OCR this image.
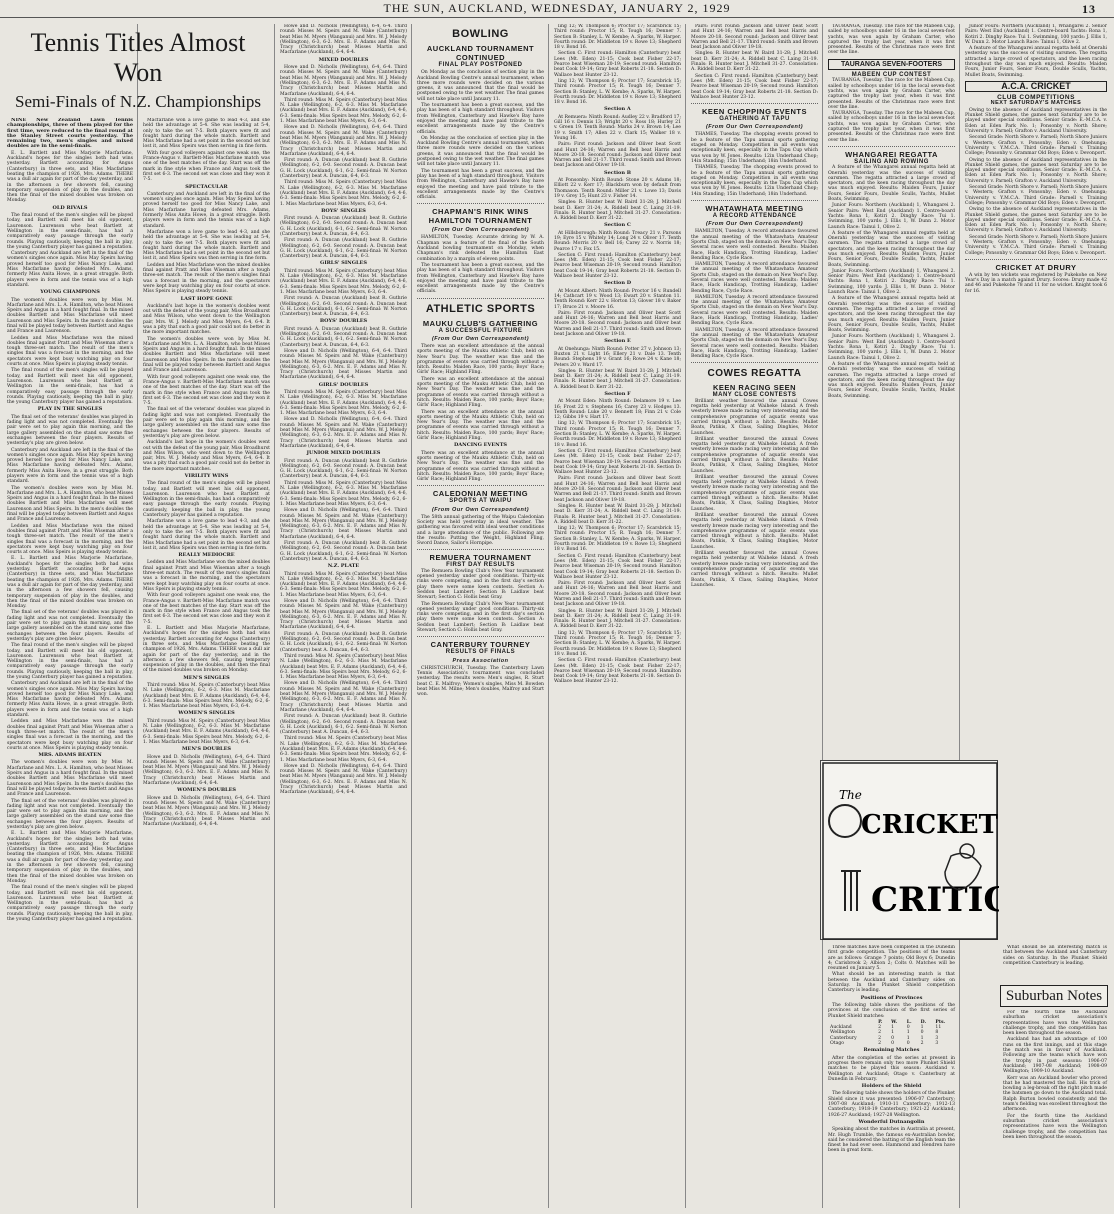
THE SUN, AUCKLAND, WEDNESDAY, JANUARY 2, 1929	13
Tennis Titles Almost Won
Semi-Finals of N.Z. Championships

NINE New Zealand Lawn Tennis championships, three of them played for the first time, were reduced to the final round at the Stanley Street courts yesterday. The remaining two, men's singles and mixed doubles are in the semi-finals.

E. L. Bartlett and Miss Marjorie Macfarlane, Auckland's hopes for the singles both had wins yesterday. Bartlett accounting for Angus (Canterbury) in three sets, and Miss Macfarlane beating the champion of 1926, Mrs. Adams. THERE was a dull air again for part of the day yesterday, and in the afternoon a few showers fell, causing temporary suspension of play in the doubles, and then the final of the mixed doubles was broken on Monday.

OLD RIVALS

The final round of the men's singles will be played today, and Bartlett will meet his old opponent, Laurenson. Laurenson who beat Bartlett at Wellington in the semi-finals, has had a comparatively easy passage through the early rounds. Playing cautiously, keeping the ball in play, the young Canterbury player has gained a reputation.

Canterbury and Auckland are left in the final of the women's singles once again. Miss May Speirs having proved herself too good for Miss Nancy Lake, and Miss Macfarlane having defeated Mrs. Adams, formerly Miss Anita Howe, in a great struggle. Both players were in form and the tennis was of a high standard.

YOUNG CHAMPIONS

The women's doubles were won by Miss M. Macfarlane and Mrs. L. A. Hamilton, who beat Misses Speirs and Angus in a hard fought final. In the mixed doubles Bartlett and Miss Macfarlane will meet Laurenson and Miss Speirs. In the men's doubles the final will be played today between Bartlett and Angus and France and Laurenson.

Ledden and Miss Macfarlane won the mixed doubles final against Pratt and Miss Wiseman after a tough three-set match. The result of the men's singles final was a forecast in the morning, and the spectators were kept busy watching play on four courts at once. Miss Speirs is playing steady tennis.

The final round of the men's singles will be played today, and Bartlett will meet his old opponent, Laurenson. Laurenson who beat Bartlett at Wellington in the semi-finals, has had a comparatively easy passage through the early rounds. Playing cautiously, keeping the ball in play, the young Canterbury player has gained a reputation.

PLAY IN THE SINGLES

The final set of the veterans' doubles was played in fading light and was not completed. Eventually the pair were set to play again this morning, and the large gallery assembled on the stand saw some fine exchanges between the four players. Results of yesterday's play are given below.

Canterbury and Auckland are left in the final of the women's singles once again. Miss May Speirs having proved herself too good for Miss Nancy Lake, and Miss Macfarlane having defeated Mrs. Adams, formerly Miss Anita Howe, in a great struggle. Both players were in form and the tennis was of a high standard.

The women's doubles were won by Miss M. Macfarlane and Mrs. L. A. Hamilton, who beat Misses Speirs and Angus in a hard fought final. In the mixed doubles Bartlett and Miss Macfarlane will meet Laurenson and Miss Speirs. In the men's doubles the final will be played today between Bartlett and Angus and France and Laurenson.

Ledden and Miss Macfarlane won the mixed doubles final against Pratt and Miss Wiseman after a tough three-set match. The result of the men's singles final was a forecast in the morning, and the spectators were kept busy watching play on four courts at once. Miss Speirs is playing steady tennis.

E. L. Bartlett and Miss Marjorie Macfarlane, Auckland's hopes for the singles both had wins yesterday. Bartlett accounting for Angus (Canterbury) in three sets, and Miss Macfarlane beating the champion of 1926, Mrs. Adams. THERE was a dull air again for part of the day yesterday, and in the afternoon a few showers fell, causing temporary suspension of play in the doubles, and then the final of the mixed doubles was broken on Monday.

The final set of the veterans' doubles was played in fading light and was not completed. Eventually the pair were set to play again this morning, and the large gallery assembled on the stand saw some fine exchanges between the four players. Results of yesterday's play are given below.

The final round of the men's singles will be played today, and Bartlett will meet his old opponent, Laurenson. Laurenson who beat Bartlett at Wellington in the semi-finals, has had a comparatively easy passage through the early rounds. Playing cautiously, keeping the ball in play, the young Canterbury player has gained a reputation.

Canterbury and Auckland are left in the final of the women's singles once again. Miss May Speirs having proved herself too good for Miss Nancy Lake, and Miss Macfarlane having defeated Mrs. Adams, formerly Miss Anita Howe, in a great struggle. Both players were in form and the tennis was of a high standard.

Ledden and Miss Macfarlane won the mixed doubles final against Pratt and Miss Wiseman after a tough three-set match. The result of the men's singles final was a forecast in the morning, and the spectators were kept busy watching play on four courts at once. Miss Speirs is playing steady tennis.

MRS. ADAMS BEATEN

The women's doubles were won by Miss M. Macfarlane and Mrs. L. A. Hamilton, who beat Misses Speirs and Angus in a hard fought final. In the mixed doubles Bartlett and Miss Macfarlane will meet Laurenson and Miss Speirs. In the men's doubles the final will be played today between Bartlett and Angus and France and Laurenson.

The final set of the veterans' doubles was played in fading light and was not completed. Eventually the pair were set to play again this morning, and the large gallery assembled on the stand saw some fine exchanges between the four players. Results of yesterday's play are given below.

E. L. Bartlett and Miss Marjorie Macfarlane, Auckland's hopes for the singles both had wins yesterday. Bartlett accounting for Angus (Canterbury) in three sets, and Miss Macfarlane beating the champion of 1926, Mrs. Adams. THERE was a dull air again for part of the day yesterday, and in the afternoon a few showers fell, causing temporary suspension of play in the doubles, and then the final of the mixed doubles was broken on Monday.

The final round of the men's singles will be played today, and Bartlett will meet his old opponent, Laurenson. Laurenson who beat Bartlett at Wellington in the semi-finals, has had a comparatively easy passage through the early rounds. Playing cautiously, keeping the ball in play, the young Canterbury player has gained a reputation.

Macfarlane won a love game to lead 4-3, and she held the advantage at 5-4. She was leading at 5-4, only to take the set 7-5. Both players were fit and fought hard during the whole match. Bartlett and Miss Macfarlane had a set point in the second set but lost it, and Miss Speirs was then serving in fine form.

With four good volleyers against one weak one, the France-Angus v. Bartlett-Miss Macfarlane match was one of the best matches of the day. Start was off the mark in fine style when France and Angus took the first set 6-3. The second set was close and they won it 7-5.

SPECTACULAR

Canterbury and Auckland are left in the final of the women's singles once again. Miss May Speirs having proved herself too good for Miss Nancy Lake, and Miss Macfarlane having defeated Mrs. Adams, formerly Miss Anita Howe, in a great struggle. Both players were in form and the tennis was of a high standard.

Macfarlane won a love game to lead 4-3, and she held the advantage at 5-4. She was leading at 5-4, only to take the set 7-5. Both players were fit and fought hard during the whole match. Bartlett and Miss Macfarlane had a set point in the second set but lost it, and Miss Speirs was then serving in fine form.

Ledden and Miss Macfarlane won the mixed doubles final against Pratt and Miss Wiseman after a tough three-set match. The result of the men's singles final was a forecast in the morning, and the spectators were kept busy watching play on four courts at once. Miss Speirs is playing steady tennis.

LAST HOPE GONE

Auckland's last hope in the women's doubles went out with the defeat of the young pair, Miss Broadhurst and Miss Wilson, who went down to the Wellington pair, Mrs. W. J. Melody and Miss Myers, 6-4, 6-4. It was a pity that such a good pair could not do better in the more important matches.

The women's doubles were won by Miss M. Macfarlane and Mrs. L. A. Hamilton, who beat Misses Speirs and Angus in a hard fought final. In the mixed doubles Bartlett and Miss Macfarlane will meet Laurenson and Miss Speirs. In the men's doubles the final will be played today between Bartlett and Angus and France and Laurenson.

With four good volleyers against one weak one, the France-Angus v. Bartlett-Miss Macfarlane match was one of the best matches of the day. Start was off the mark in fine style when France and Angus took the first set 6-3. The second set was close and they won it 7-5.

The final set of the veterans' doubles was played in fading light and was not completed. Eventually the pair were set to play again this morning, and the large gallery assembled on the stand saw some fine exchanges between the four players. Results of yesterday's play are given below.

Auckland's last hope in the women's doubles went out with the defeat of the young pair, Miss Broadhurst and Miss Wilson, who went down to the Wellington pair, Mrs. W. J. Melody and Miss Myers, 6-4, 6-4. It was a pity that such a good pair could not do better in the more important matches.

VIRILITY WINS

The final round of the men's singles will be played today, and Bartlett will meet his old opponent, Laurenson. Laurenson who beat Bartlett at Wellington in the semi-finals, has had a comparatively easy passage through the early rounds. Playing cautiously, keeping the ball in play, the young Canterbury player has gained a reputation.

Macfarlane won a love game to lead 4-3, and she held the advantage at 5-4. She was leading at 5-4, only to take the set 7-5. Both players were fit and fought hard during the whole match. Bartlett and Miss Macfarlane had a set point in the second set but lost it, and Miss Speirs was then serving in fine form.

REALLY MEDIOCRE

Ledden and Miss Macfarlane won the mixed doubles final against Pratt and Miss Wiseman after a tough three-set match. The result of the men's singles final was a forecast in the morning, and the spectators were kept busy watching play on four courts at once. Miss Speirs is playing steady tennis.

With four good volleyers against one weak one, the France-Angus v. Bartlett-Miss Macfarlane match was one of the best matches of the day. Start was off the mark in fine style when France and Angus took the first set 6-3. The second set was close and they won it 7-5.

E. L. Bartlett and Miss Marjorie Macfarlane, Auckland's hopes for the singles both had wins yesterday. Bartlett accounting for Angus (Canterbury) in three sets, and Miss Macfarlane beating the champion of 1926, Mrs. Adams. THERE was a dull air again for part of the day yesterday, and in the afternoon a few showers fell, causing temporary suspension of play in the doubles, and then the final of the mixed doubles was broken on Monday.

MEN'S SINGLES

Third round: Miss M. Speirs (Canterbury) beat Miss N. Lake (Wellington), 6-2, 6-3. Miss M. Macfarlane (Auckland) beat Mrs. E. F. Adams (Auckland), 6-4, 4-6, 6-3. Semi-finals: Miss Speirs beat Mrs. Melody, 6-2, 6-1. Miss Macfarlane beat Miss Myers, 6-3, 6-4.

WOMEN'S SINGLES

Third round: Miss M. Speirs (Canterbury) beat Miss N. Lake (Wellington), 6-2, 6-3. Miss M. Macfarlane (Auckland) beat Mrs. E. F. Adams (Auckland), 6-4, 4-6, 6-3. Semi-finals: Miss Speirs beat Mrs. Melody, 6-2, 6-1. Miss Macfarlane beat Miss Myers, 6-3, 6-4.

MEN'S DOUBLES

Howe and D. Nicholls (Wellington), 6-4, 6-4. Third round: Misses M. Speirs and M. Wake (Canterbury) beat Miss M. Myers (Wanganui) and Mrs. W. J. Melody (Wellington), 6-3, 6-2. Mrs. E. F. Adams and Miss N. Tracy (Christchurch) beat Misses Martin and Macfarlane (Auckland), 6-4, 6-4.

WOMEN'S DOUBLES

Howe and D. Nicholls (Wellington), 6-4, 6-4. Third round: Misses M. Speirs and M. Wake (Canterbury) beat Miss M. Myers (Wanganui) and Mrs. W. J. Melody (Wellington), 6-3, 6-2. Mrs. E. F. Adams and Miss N. Tracy (Christchurch) beat Misses Martin and Macfarlane (Auckland), 6-4, 6-4.

Howe and D. Nicholls (Wellington), 6-4, 6-4. Third round: Misses M. Speirs and M. Wake (Canterbury) beat Miss M. Myers (Wanganui) and Mrs. W. J. Melody (Wellington), 6-3, 6-2. Mrs. E. F. Adams and Miss N. Tracy (Christchurch) beat Misses Martin and Macfarlane (Auckland), 6-4, 6-4.

MIXED DOUBLES

Howe and D. Nicholls (Wellington), 6-4, 6-4. Third round: Misses M. Speirs and M. Wake (Canterbury) beat Miss M. Myers (Wanganui) and Mrs. W. J. Melody (Wellington), 6-3, 6-2. Mrs. E. F. Adams and Miss N. Tracy (Christchurch) beat Misses Martin and Macfarlane (Auckland), 6-4, 6-4.

Third round: Miss M. Speirs (Canterbury) beat Miss N. Lake (Wellington), 6-2, 6-3. Miss M. Macfarlane (Auckland) beat Mrs. E. F. Adams (Auckland), 6-4, 4-6, 6-3. Semi-finals: Miss Speirs beat Mrs. Melody, 6-2, 6-1. Miss Macfarlane beat Miss Myers, 6-3, 6-4.

Howe and D. Nicholls (Wellington), 6-4, 6-4. Third round: Misses M. Speirs and M. Wake (Canterbury) beat Miss M. Myers (Wanganui) and Mrs. W. J. Melody (Wellington), 6-3, 6-2. Mrs. E. F. Adams and Miss N. Tracy (Christchurch) beat Misses Martin and Macfarlane (Auckland), 6-4, 6-4.

First round: A. Duncan (Auckland) beat R. Guthrie (Wellington), 6-2, 6-0. Second round: A. Duncan beat G. H. Lock (Auckland), 6-1, 6-2. Semi-final: W. Norton (Canterbury) beat A. Duncan, 6-4, 6-3.

Third round: Miss M. Speirs (Canterbury) beat Miss N. Lake (Wellington), 6-2, 6-3. Miss M. Macfarlane (Auckland) beat Mrs. E. F. Adams (Auckland), 6-4, 4-6, 6-3. Semi-finals: Miss Speirs beat Mrs. Melody, 6-2, 6-1. Miss Macfarlane beat Miss Myers, 6-3, 6-4.

BOYS' SINGLES

First round: A. Duncan (Auckland) beat R. Guthrie (Wellington), 6-2, 6-0. Second round: A. Duncan beat G. H. Lock (Auckland), 6-1, 6-2. Semi-final: W. Norton (Canterbury) beat A. Duncan, 6-4, 6-3.

First round: A. Duncan (Auckland) beat R. Guthrie (Wellington), 6-2, 6-0. Second round: A. Duncan beat G. H. Lock (Auckland), 6-1, 6-2. Semi-final: W. Norton (Canterbury) beat A. Duncan, 6-4, 6-3.

GIRLS' SINGLES

Third round: Miss M. Speirs (Canterbury) beat Miss N. Lake (Wellington), 6-2, 6-3. Miss M. Macfarlane (Auckland) beat Mrs. E. F. Adams (Auckland), 6-4, 4-6, 6-3. Semi-finals: Miss Speirs beat Mrs. Melody, 6-2, 6-1. Miss Macfarlane beat Miss Myers, 6-3, 6-4.

First round: A. Duncan (Auckland) beat R. Guthrie (Wellington), 6-2, 6-0. Second round: A. Duncan beat G. H. Lock (Auckland), 6-1, 6-2. Semi-final: W. Norton (Canterbury) beat A. Duncan, 6-4, 6-3.

BOYS' DOUBLES

First round: A. Duncan (Auckland) beat R. Guthrie (Wellington), 6-2, 6-0. Second round: A. Duncan beat G. H. Lock (Auckland), 6-1, 6-2. Semi-final: W. Norton (Canterbury) beat A. Duncan, 6-4, 6-3.

Howe and D. Nicholls (Wellington), 6-4, 6-4. Third round: Misses M. Speirs and M. Wake (Canterbury) beat Miss M. Myers (Wanganui) and Mrs. W. J. Melody (Wellington), 6-3, 6-2. Mrs. E. F. Adams and Miss N. Tracy (Christchurch) beat Misses Martin and Macfarlane (Auckland), 6-4, 6-4.

GIRLS' DOUBLES

Third round: Miss M. Speirs (Canterbury) beat Miss N. Lake (Wellington), 6-2, 6-3. Miss M. Macfarlane (Auckland) beat Mrs. E. F. Adams (Auckland), 6-4, 4-6, 6-3. Semi-finals: Miss Speirs beat Mrs. Melody, 6-2, 6-1. Miss Macfarlane beat Miss Myers, 6-3, 6-4.

Howe and D. Nicholls (Wellington), 6-4, 6-4. Third round: Misses M. Speirs and M. Wake (Canterbury) beat Miss M. Myers (Wanganui) and Mrs. W. J. Melody (Wellington), 6-3, 6-2. Mrs. E. F. Adams and Miss N. Tracy (Christchurch) beat Misses Martin and Macfarlane (Auckland), 6-4, 6-4.

JUNIOR MIXED DOUBLES

First round: A. Duncan (Auckland) beat R. Guthrie (Wellington), 6-2, 6-0. Second round: A. Duncan beat G. H. Lock (Auckland), 6-1, 6-2. Semi-final: W. Norton (Canterbury) beat A. Duncan, 6-4, 6-3.

Third round: Miss M. Speirs (Canterbury) beat Miss N. Lake (Wellington), 6-2, 6-3. Miss M. Macfarlane (Auckland) beat Mrs. E. F. Adams (Auckland), 6-4, 4-6, 6-3. Semi-finals: Miss Speirs beat Mrs. Melody, 6-2, 6-1. Miss Macfarlane beat Miss Myers, 6-3, 6-4.

Howe and D. Nicholls (Wellington), 6-4, 6-4. Third round: Misses M. Speirs and M. Wake (Canterbury) beat Miss M. Myers (Wanganui) and Mrs. W. J. Melody (Wellington), 6-3, 6-2. Mrs. E. F. Adams and Miss N. Tracy (Christchurch) beat Misses Martin and Macfarlane (Auckland), 6-4, 6-4.

First round: A. Duncan (Auckland) beat R. Guthrie (Wellington), 6-2, 6-0. Second round: A. Duncan beat G. H. Lock (Auckland), 6-1, 6-2. Semi-final: W. Norton (Canterbury) beat A. Duncan, 6-4, 6-3.

N.Z. PLATE

Third round: Miss M. Speirs (Canterbury) beat Miss N. Lake (Wellington), 6-2, 6-3. Miss M. Macfarlane (Auckland) beat Mrs. E. F. Adams (Auckland), 6-4, 4-6, 6-3. Semi-finals: Miss Speirs beat Mrs. Melody, 6-2, 6-1. Miss Macfarlane beat Miss Myers, 6-3, 6-4.

Howe and D. Nicholls (Wellington), 6-4, 6-4. Third round: Misses M. Speirs and M. Wake (Canterbury) beat Miss M. Myers (Wanganui) and Mrs. W. J. Melody (Wellington), 6-3, 6-2. Mrs. E. F. Adams and Miss N. Tracy (Christchurch) beat Misses Martin and Macfarlane (Auckland), 6-4, 6-4.

First round: A. Duncan (Auckland) beat R. Guthrie (Wellington), 6-2, 6-0. Second round: A. Duncan beat G. H. Lock (Auckland), 6-1, 6-2. Semi-final: W. Norton (Canterbury) beat A. Duncan, 6-4, 6-3.

Third round: Miss M. Speirs (Canterbury) beat Miss N. Lake (Wellington), 6-2, 6-3. Miss M. Macfarlane (Auckland) beat Mrs. E. F. Adams (Auckland), 6-4, 4-6, 6-3. Semi-finals: Miss Speirs beat Mrs. Melody, 6-2, 6-1. Miss Macfarlane beat Miss Myers, 6-3, 6-4.

Howe and D. Nicholls (Wellington), 6-4, 6-4. Third round: Misses M. Speirs and M. Wake (Canterbury) beat Miss M. Myers (Wanganui) and Mrs. W. J. Melody (Wellington), 6-3, 6-2. Mrs. E. F. Adams and Miss N. Tracy (Christchurch) beat Misses Martin and Macfarlane (Auckland), 6-4, 6-4.

First round: A. Duncan (Auckland) beat R. Guthrie (Wellington), 6-2, 6-0. Second round: A. Duncan beat G. H. Lock (Auckland), 6-1, 6-2. Semi-final: W. Norton (Canterbury) beat A. Duncan, 6-4, 6-3.

Third round: Miss M. Speirs (Canterbury) beat Miss N. Lake (Wellington), 6-2, 6-3. Miss M. Macfarlane (Auckland) beat Mrs. E. F. Adams (Auckland), 6-4, 4-6, 6-3. Semi-finals: Miss Speirs beat Mrs. Melody, 6-2, 6-1. Miss Macfarlane beat Miss Myers, 6-3, 6-4.

Howe and D. Nicholls (Wellington), 6-4, 6-4. Third round: Misses M. Speirs and M. Wake (Canterbury) beat Miss M. Myers (Wanganui) and Mrs. W. J. Melody (Wellington), 6-3, 6-2. Mrs. E. F. Adams and Miss N. Tracy (Christchurch) beat Misses Martin and Macfarlane (Auckland), 6-4, 6-4.

BOWLING
AUCKLAND TOURNAMENT CONTINUED
FINAL PLAY POSTPONED

On Monday as the conclusion of section play in the Auckland Bowling Centre's annual tournament, when three more rounds were decided on the various greens, it was announced that the final would be postponed owing to the wet weather. The final games will not take place until January 11.

The tournament has been a great success, and the play has been of a high standard throughout. Visitors from Wellington, Canterbury and Hawke's Bay have enjoyed the meeting and have paid tribute to the excellent arrangements made by the Centre's officials.

On Monday as the conclusion of section play in the Auckland Bowling Centre's annual tournament, when three more rounds were decided on the various greens, it was announced that the final would be postponed owing to the wet weather. The final games will not take place until January 11.

The tournament has been a great success, and the play has been of a high standard throughout. Visitors from Wellington, Canterbury and Hawke's Bay have enjoyed the meeting and have paid tribute to the excellent arrangements made by the Centre's officials.

CHAPMAN'S RINK WINS HAMILTON TOURNAMENT
(From Our Own Correspondent)

HAMILTON, Tuesday. Accurate driving by W. A. Chapman was a feature of the final of the South Auckland bowling tournament on Monday, when Chapman's rink defeated the Hamilton East combination by a margin of eleven points.

The tournament has been a great success, and the play has been of a high standard throughout. Visitors from Wellington, Canterbury and Hawke's Bay have enjoyed the meeting and have paid tribute to the excellent arrangements made by the Centre's officials.

ATHLETIC SPORTS
MAUKU CLUB'S GATHERING
A SUCCESSFUL FIXTURE
(From Our Own Correspondent)

There was an excellent attendance at the annual sports meeting of the Mauku Athletic Club, held on New Year's Day. The weather was fine and the programme of events was carried through without a hitch. Results: Maiden Race, 100 yards; Boys' Race; Girls' Race; Highland Fling.

There was an excellent attendance at the annual sports meeting of the Mauku Athletic Club, held on New Year's Day. The weather was fine and the programme of events was carried through without a hitch. Results: Maiden Race, 100 yards; Boys' Race; Girls' Race; Highland Fling.

There was an excellent attendance at the annual sports meeting of the Mauku Athletic Club, held on New Year's Day. The weather was fine and the programme of events was carried through without a hitch. Results: Maiden Race, 100 yards; Boys' Race; Girls' Race; Highland Fling.

DANCING EVENTS

There was an excellent attendance at the annual sports meeting of the Mauku Athletic Club, held on New Year's Day. The weather was fine and the programme of events was carried through without a hitch. Results: Maiden Race, 100 yards; Boys' Race; Girls' Race; Highland Fling.

CALEDONIAN MEETING
SPORTS AT WAIPU
(From Our Own Correspondent)

The 58th annual gathering of the Waipu Caledonian Society was held yesterday in ideal weather. The gathering was favoured with ideal weather conditions and a large attendance of the public. Following are the results: Putting the Weight, Highland Fling, Sword Dance, Sailor's Hornpipe.

REMUERA TOURNAMENT
FIRST DAY RESULTS

The Remuera Bowling Club's New Year tournament opened yesterday under good conditions. Thirty-six rinks were competing, and in the first day's section play there were some keen contests. Section A: Seddon beat Lambert; Section B: Laidlaw beat Stewart; Section C: Hollis beat Gray.

The Remuera Bowling Club's New Year tournament opened yesterday under good conditions. Thirty-six rinks were competing, and in the first day's section play there were some keen contests. Section A: Seddon beat Lambert; Section B: Laidlaw beat Stewart; Section C: Hollis beat Gray.

CANTERBURY TOURNEY
RESULTS OF FINALS
Press Association

CHRISTCHURCH, Tuesday. The Canterbury Lawn Tennis Association's tournament was concluded yesterday. The results were: Men's singles, R. Sturt beat C. E. Malfroy; Women's singles, Miss M. Bowden beat Miss M. Milne; Men's doubles, Malfroy and Sturt won.

ling 12; W. Thompson 6; Proctor 17; Scarsbrick 15; Third round: Proctor 15; R. Tough 16; Denner 7. Section B: Stanley, L. W. Kembe; A. Sparks, W. Harper. Fourth round: Dr. Middleton 19 v. Rowe 13; Shepherd 18 v. Bond 16.

Section C: First round: Hamilton (Canterbury) beat Lees (Mt. Eden) 21-15; Cook beat Fisher 22-17; Pearce beat Wiseman 20-19; Second round: Hamilton beat Cook 19-14; Gray beat Roberts 21-18. Section D: Wallace beat Hunter 23-12.

ling 12; W. Thompson 6; Proctor 17; Scarsbrick 15; Third round: Proctor 15; R. Tough 16; Denner 7. Section B: Stanley, L. W. Kembe; A. Sparks, W. Harper. Fourth round: Dr. Middleton 19 v. Rowe 13; Shepherd 18 v. Bond 16.

Section A

At Remuera: Ninth Round: Audley 22 v. Bradford 17; Gill 16 v. Dennis 13; Wright 20 v. Ross 18; Hurley 21 v. Green 19. Tenth Round: Marks 24 v. Brown 14; Lee 19 v. Smith 17; Allen 22 v. Clark 15; Walker 18 v. Young 16.

Pairs: First round: Jackson and Oliver beat Scott and Hunt 24-16; Warren and Bell beat Harris and Moore 20-18. Second round: Jackson and Oliver beat Warren and Bell 21-17. Third round: Smith and Brown beat Jackson and Oliver 19-18.

Section B

At Ponsonby: Ninth Round: Stone 20 v. Adams 18; Elliott 22 v. Kerr 17; Blackburn won by default from Thomason. Tenth Round: Miller 21 v. Lowe 13; Davis 19 v. Grey 15; Hunt 23 v. Fisher 14.

Singles: R. Hunter beat W. Baird 31-28; J. Mitchell beat D. Kerr 31-24; A. Riddell beat C. Laing 31-19. Finals: R. Hunter beat J. Mitchell 31-27. Consolation: A. Riddell beat D. Kerr 31-22.

Section C

At Hillsborough: Ninth Round: Treacy 21 v. Parsons 19; Eyre 15 v. Whitely 14; Long 24 v. Oliver 17. Tenth Round: Morris 20 v. Bell 16; Carey 22 v. Norris 18; Pearce 17 v. Fox 15.

Section C: First round: Hamilton (Canterbury) beat Lees (Mt. Eden) 21-15; Cook beat Fisher 22-17; Pearce beat Wiseman 20-19; Second round: Hamilton beat Cook 19-14; Gray beat Roberts 21-18. Section D: Wallace beat Hunter 23-12.

Section D

At Mount Albert: Ninth Round: Proctor 16 v. Rundell 14; Cathcart 19 v. Wood 13; Ewart 20 v. Stanton 11. Tenth Round: Kerr 22 v. Horton 13; Glover 18 v. Baker 17; Bruce 21 v. Moore 16.

Pairs: First round: Jackson and Oliver beat Scott and Hunt 24-16; Warren and Bell beat Harris and Moore 20-18. Second round: Jackson and Oliver beat Warren and Bell 21-17. Third round: Smith and Brown beat Jackson and Oliver 19-18.

Section E

At Onehunga: Ninth Round: Potter 27 v. Johnson 13; Buxton 21 v. Light 16; Ellery 21 v. Dale 13. Tenth Round: Stephens 19 v. Grant 16; Rowe 24 v. Kane 18; Peters 20 v. Ward 17.

Singles: R. Hunter beat W. Baird 31-28; J. Mitchell beat D. Kerr 31-24; A. Riddell beat C. Laing 31-19. Finals: R. Hunter beat J. Mitchell 31-27. Consolation: A. Riddell beat D. Kerr 31-22.

Section F

At Mount Eden: Ninth Round: Delamore 19 v. Lee 16; Frost 22 v. Stephens 16; Carey 23 v. Hodges 13. Tenth Round: Luke 20 v. Bennett 18; Finn 21 v. Cole 12; Gibbs 19 v. Hart 17.

ling 12; W. Thompson 6; Proctor 17; Scarsbrick 15; Third round: Proctor 15; R. Tough 16; Denner 7. Section B: Stanley, L. W. Kembe; A. Sparks, W. Harper. Fourth round: Dr. Middleton 19 v. Rowe 13; Shepherd 18 v. Bond 16.

Section C: First round: Hamilton (Canterbury) beat Lees (Mt. Eden) 21-15; Cook beat Fisher 22-17; Pearce beat Wiseman 20-19; Second round: Hamilton beat Cook 19-14; Gray beat Roberts 21-18. Section D: Wallace beat Hunter 23-12.

Pairs: First round: Jackson and Oliver beat Scott and Hunt 24-16; Warren and Bell beat Harris and Moore 20-18. Second round: Jackson and Oliver beat Warren and Bell 21-17. Third round: Smith and Brown beat Jackson and Oliver 19-18.

Singles: R. Hunter beat W. Baird 31-28; J. Mitchell beat D. Kerr 31-24; A. Riddell beat C. Laing 31-19. Finals: R. Hunter beat J. Mitchell 31-27. Consolation: A. Riddell beat D. Kerr 31-22.

ling 12; W. Thompson 6; Proctor 17; Scarsbrick 15; Third round: Proctor 15; R. Tough 16; Denner 7. Section B: Stanley, L. W. Kembe; A. Sparks, W. Harper. Fourth round: Dr. Middleton 19 v. Rowe 13; Shepherd 18 v. Bond 16.

Section C: First round: Hamilton (Canterbury) beat Lees (Mt. Eden) 21-15; Cook beat Fisher 22-17; Pearce beat Wiseman 20-19; Second round: Hamilton beat Cook 19-14; Gray beat Roberts 21-18. Section D: Wallace beat Hunter 23-12.

Pairs: First round: Jackson and Oliver beat Scott and Hunt 24-16; Warren and Bell beat Harris and Moore 20-18. Second round: Jackson and Oliver beat Warren and Bell 21-17. Third round: Smith and Brown beat Jackson and Oliver 19-18.

Singles: R. Hunter beat W. Baird 31-28; J. Mitchell beat D. Kerr 31-24; A. Riddell beat C. Laing 31-19. Finals: R. Hunter beat J. Mitchell 31-27. Consolation: A. Riddell beat D. Kerr 31-22.

ling 12; W. Thompson 6; Proctor 17; Scarsbrick 15; Third round: Proctor 15; R. Tough 16; Denner 7. Section B: Stanley, L. W. Kembe; A. Sparks, W. Harper. Fourth round: Dr. Middleton 19 v. Rowe 13; Shepherd 18 v. Bond 16.

Section C: First round: Hamilton (Canterbury) beat Lees (Mt. Eden) 21-15; Cook beat Fisher 22-17; Pearce beat Wiseman 20-19; Second round: Hamilton beat Cook 19-14; Gray beat Roberts 21-18. Section D: Wallace beat Hunter 23-12.

Pairs: First round: Jackson and Oliver beat Scott and Hunt 24-16; Warren and Bell beat Harris and Moore 20-18. Second round: Jackson and Oliver beat Warren and Bell 21-17. Third round: Smith and Brown beat Jackson and Oliver 19-18.

Singles: R. Hunter beat W. Baird 31-28; J. Mitchell beat D. Kerr 31-24; A. Riddell beat C. Laing 31-19. Finals: R. Hunter beat J. Mitchell 31-27. Consolation: A. Riddell beat D. Kerr 31-22.

Section C: First round: Hamilton (Canterbury) beat Lees (Mt. Eden) 21-15; Cook beat Fisher 22-17; Pearce beat Wiseman 20-19; Second round: Hamilton beat Cook 19-14; Gray beat Roberts 21-18. Section D: Wallace beat Hunter 23-12.

KEEN CHOPPING EVENTS
GATHERING AT TAPU
(From Our Own Correspondent)

THAMES, Tuesday. The chopping events proved to be a feature of the Tapu annual sports gathering staged on Monday. Competition in all events was exceptionally keen, especially in the Tapu Cup which was won by W. Jones. Results: 12in Underhand Chop; 14in Standing; 15in Underhand; 18in Underhand.

THAMES, Tuesday. The chopping events proved to be a feature of the Tapu annual sports gathering staged on Monday. Competition in all events was exceptionally keen, especially in the Tapu Cup which was won by W. Jones. Results: 12in Underhand Chop; 14in Standing; 15in Underhand; 18in Underhand.

WHATAWHATA MEETING
A RECORD ATTENDANCE
(From Our Own Correspondent)

HAMILTON, Tuesday. A record attendance favoured the annual meeting of the Whatawhata Amateur Sports Club, staged on the domain on New Year's Day. Several races were well contested. Results: Maiden Race, Hack Handicap, Trotting Handicap, Ladies' Bending Race, Cycle Race.

HAMILTON, Tuesday. A record attendance favoured the annual meeting of the Whatawhata Amateur Sports Club, staged on the domain on New Year's Day. Several races were well contested. Results: Maiden Race, Hack Handicap, Trotting Handicap, Ladies' Bending Race, Cycle Race.

HAMILTON, Tuesday. A record attendance favoured the annual meeting of the Whatawhata Amateur Sports Club, staged on the domain on New Year's Day. Several races were well contested. Results: Maiden Race, Hack Handicap, Trotting Handicap, Ladies' Bending Race, Cycle Race.

HAMILTON, Tuesday. A record attendance favoured the annual meeting of the Whatawhata Amateur Sports Club, staged on the domain on New Year's Day. Several races were well contested. Results: Maiden Race, Hack Handicap, Trotting Handicap, Ladies' Bending Race, Cycle Race.

COWES REGATTA
KEEN RACING SEEN
MANY CLOSE CONTESTS

Brilliant weather favoured the annual Cowes regatta held yesterday at Waiheke Island. A fresh westerly breeze made racing very interesting and the comprehensive programme of aquatic events was carried through without a hitch. Results: Mullet Boats, Patikis, X Class, Sailing Dinghies, Motor Launches.

Brilliant weather favoured the annual Cowes regatta held yesterday at Waiheke Island. A fresh westerly breeze made racing very interesting and the comprehensive programme of aquatic events was carried through without a hitch. Results: Mullet Boats, Patikis, X Class, Sailing Dinghies, Motor Launches.

Brilliant weather favoured the annual Cowes regatta held yesterday at Waiheke Island. A fresh westerly breeze made racing very interesting and the comprehensive programme of aquatic events was carried through without a hitch. Results: Mullet Boats, Patikis, X Class, Sailing Dinghies, Motor Launches.

Brilliant weather favoured the annual Cowes regatta held yesterday at Waiheke Island. A fresh westerly breeze made racing very interesting and the comprehensive programme of aquatic events was carried through without a hitch. Results: Mullet Boats, Patikis, X Class, Sailing Dinghies, Motor Launches.

Brilliant weather favoured the annual Cowes regatta held yesterday at Waiheke Island. A fresh westerly breeze made racing very interesting and the comprehensive programme of aquatic events was carried through without a hitch. Results: Mullet Boats, Patikis, X Class, Sailing Dinghies, Motor Launches.

TAURANGA, Tuesday. The race for the Mabeen Cup, sailed by schoolboys under 16 in the local seven-foot yachts, was won again by Graham Carter, who captured the trophy last year, when it was first presented. Results of the Christmas race were first over the line.

TAURANGA SEVEN-FOOTERS
MABEEN CUP CONTEST

TAURANGA, Tuesday. The race for the Mabeen Cup, sailed by schoolboys under 16 in the local seven-foot yachts, was won again by Graham Carter, who captured the trophy last year, when it was first presented. Results of the Christmas race were first over the line.

TAURANGA, Tuesday. The race for the Mabeen Cup, sailed by schoolboys under 16 in the local seven-foot yachts, was won again by Graham Carter, who captured the trophy last year, when it was first presented. Results of the Christmas race were first over the line.

WHANGAREI REGATTA
SAILING AND ROWING

A feature of the Whangarei annual regatta held at Onerahi yesterday was the success of visiting oarsmen. The regatta attracted a large crowd of spectators, and the keen racing throughout the day was much enjoyed. Results: Maiden Fours, Junior Fours, Senior Fours, Double Sculls, Yachts, Mullet Boats, Swimming.

Junior Fours: Northern (Auckland) 1, Whangarei 2. Senior Pairs: West End (Auckland) 1. Centre-board Yachts: Rona 1, Kotiri 2. Dinghy Race: Tui 1. Swimming, 100 yards: J. Ellis 1, W. Dunn 2. Motor Launch Race: Tainui 1, Olive 2.

A feature of the Whangarei annual regatta held at Onerahi yesterday was the success of visiting oarsmen. The regatta attracted a large crowd of spectators, and the keen racing throughout the day was much enjoyed. Results: Maiden Fours, Junior Fours, Senior Fours, Double Sculls, Yachts, Mullet Boats, Swimming.

Junior Fours: Northern (Auckland) 1, Whangarei 2. Senior Pairs: West End (Auckland) 1. Centre-board Yachts: Rona 1, Kotiri 2. Dinghy Race: Tui 1. Swimming, 100 yards: J. Ellis 1, W. Dunn 2. Motor Launch Race: Tainui 1, Olive 2.

A feature of the Whangarei annual regatta held at Onerahi yesterday was the success of visiting oarsmen. The regatta attracted a large crowd of spectators, and the keen racing throughout the day was much enjoyed. Results: Maiden Fours, Junior Fours, Senior Fours, Double Sculls, Yachts, Mullet Boats, Swimming.

Junior Fours: Northern (Auckland) 1, Whangarei 2. Senior Pairs: West End (Auckland) 1. Centre-board Yachts: Rona 1, Kotiri 2. Dinghy Race: Tui 1. Swimming, 100 yards: J. Ellis 1, W. Dunn 2. Motor Launch Race: Tainui 1, Olive 2.

A feature of the Whangarei annual regatta held at Onerahi yesterday was the success of visiting oarsmen. The regatta attracted a large crowd of spectators, and the keen racing throughout the day was much enjoyed. Results: Maiden Fours, Junior Fours, Senior Fours, Double Sculls, Yachts, Mullet Boats, Swimming.

Junior Fours: Northern (Auckland) 1, Whangarei 2. Senior Pairs: West End (Auckland) 1. Centre-board Yachts: Rona 1, Kotiri 2. Dinghy Race: Tui 1. Swimming, 100 yards: J. Ellis 1, W. Dunn 2. Motor Launch Race: Tainui 1, Olive 2.

A feature of the Whangarei annual regatta held at Onerahi yesterday was the success of visiting oarsmen. The regatta attracted a large crowd of spectators, and the keen racing throughout the day was much enjoyed. Results: Maiden Fours, Junior Fours, Senior Fours, Double Sculls, Yachts, Mullet Boats, Swimming.

A.C.A. CRICKET
CLUB COMPETITIONS
NEXT SATURDAY'S MATCHES

Owing to the absence of Auckland representatives in the Plunket Shield games, the games next Saturday are to be played under special conditions. Senior Grade: E.-M.C.A. v. Eden at Eden Park No. 1; Ponsonby v. North Shore; University v. Parnell; Grafton v. Auckland University.

Second Grade: North Shore v. Parnell; North Shore Juniors v. Western; Grafton v. Ponsonby; Eden v. Onehunga; University v. Y.M.C.A. Third Grade: Parnell v. Training College; Ponsonby v. Grammar Old Boys; Eden v. Devonport.

Owing to the absence of Auckland representatives in the Plunket Shield games, the games next Saturday are to be played under special conditions. Senior Grade: E.-M.C.A. v. Eden at Eden Park No. 1; Ponsonby v. North Shore; University v. Parnell; Grafton v. Auckland University.

Second Grade: North Shore v. Parnell; North Shore Juniors v. Western; Grafton v. Ponsonby; Eden v. Onehunga; University v. Y.M.C.A. Third Grade: Parnell v. Training College; Ponsonby v. Grammar Old Boys; Eden v. Devonport.

Owing to the absence of Auckland representatives in the Plunket Shield games, the games next Saturday are to be played under special conditions. Senior Grade: E.-M.C.A. v. Eden at Eden Park No. 1; Ponsonby v. North Shore; University v. Parnell; Grafton v. Auckland University.

Second Grade: North Shore v. Parnell; North Shore Juniors v. Western; Grafton v. Ponsonby; Eden v. Onehunga; University v. Y.M.C.A. Third Grade: Parnell v. Training College; Ponsonby v. Grammar Old Boys; Eden v. Devonport.

CRICKET AT DRURY

A win by ten wickets was registered by Pukekohe on New Year's Day in a match against Drury. Scores: Drury made 42 and 46 and Pukekohe 78 and 11 for no wicket. Knight took 6 for 16.

The
CRICKET
CRITIC

Three matches have been completed in the Dunedin first grade competition. The positions of the teams are as follows: Grange 7 points; Old Boys 6; Dunedin 4; Carisbrook 2; Albion 2; Colts 0. Matches will be resumed on January 5.

What should be an interesting match is that between the Auckland and Canterbury sides on Saturday. In the Plunket Shield competition Canterbury is leading.

Positions of Provinces

The following table shows the positions of the provinces at the conclusion of the first series of Plunket Shield matches:

	P.	W.	L.	D.	Pts.
Auckland	2	1	0	1	11
Wellington	2	1	1	0	8
Canterbury	2	0	1	1	3
Otago	2	0	0	2	3
Remaining Matches

After the completion of the series at present in progress there remain only two more Plunket Shield matches to be played this season: Auckland v. Wellington at Auckland; Otago v. Canterbury at Dunedin in February.

Holders of the Shield

The following table shows the holders of the Plunket Shield since it was presented: 1906-07 Canterbury; 1907-08 Auckland; 1910-11 Canterbury; 1912-13 Canterbury; 1918-19 Canterbury; 1921-22 Auckland; 1926-27 Auckland; 1927-28 Wellington.

Wonderful Dutnangolin

Speaking about the matches in Australia at present, Mr. Hugh Trumble, the famous ex-Australian bowler, said he considered the batting of the English team the finest he had ever seen. Hammond and Hendren have been in great form.

What should be an interesting match is that between the Auckland and Canterbury sides on Saturday. In the Plunket Shield competition Canterbury is leading.

Suburban Notes

For the fourth time the Auckland suburban cricket association's representatives have won the Wellington challenge trophy, and the competition has been keen throughout the season.

Auckland has had an advantage of 100 runs on the first innings, and at this stage the match was in favour of Auckland. Following are the teams which have won the trophy in past seasons: 1906-07 Auckland; 1907-08 Auckland; 1908-09 Wellington; 1909-10 Auckland.

Kerr was an Auckland bowler who proved that he had mastered the ball. His trick of bowling a leg-break off the right pitch made the batsmen go down to the Auckland total. Ralph Burton bowled consistently and the team's fielding was excellent throughout the afternoon.

For the fourth time the Auckland suburban cricket association's representatives have won the Wellington challenge trophy, and the competition has been keen throughout the season.
